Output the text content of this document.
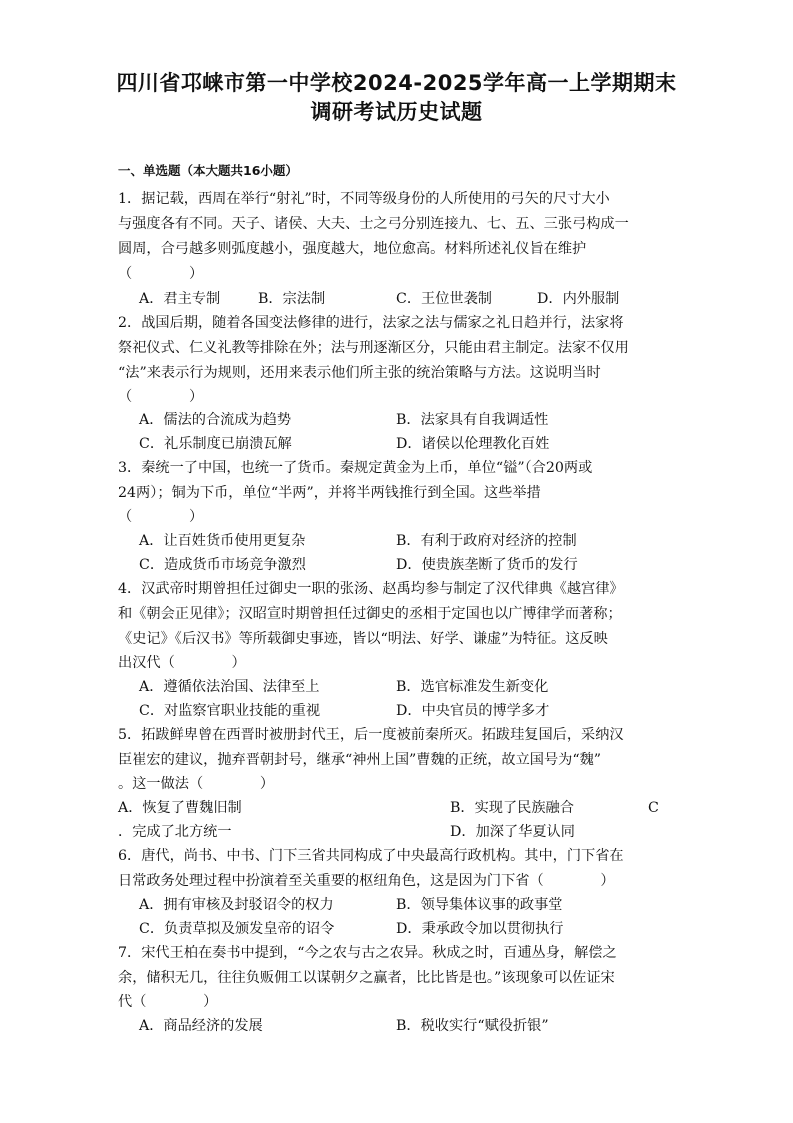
四川省邛崃市第一中学校2024-2025学年高一上学期期末
调研考试历史试题
一、单选题（本大题共16小题）
1．据记载，西周在举行“射礼”时，不同等级身份的人所使用的弓矢的尺寸大小
与强度各有不同。天子、诸侯、大夫、士之弓分别连接九、七、五、三张弓构成一
圆周，合弓越多则弧度越小，强度越大，地位愈高。材料所述礼仪旨在维护
（　　　　）
A．君主专制	B．宗法制	C．王位世袭制	D．内外服制
2．战国后期，随着各国变法修律的进行，法家之法与儒家之礼日趋并行，法家将
祭祀仪式、仁义礼教等排除在外；法与刑逐渐区分，只能由君主制定。法家不仅用
“法”来表示行为规则，还用来表示他们所主张的统治策略与方法。这说明当时
（　　　　）
A．儒法的合流成为趋势	B．法家具有自我调适性
C．礼乐制度已崩溃瓦解	D．诸侯以伦理教化百姓
3．秦统一了中国，也统一了货币。秦规定黄金为上币，单位“镒”（合20两或
24两）；铜为下币，单位“半两”，并将半两钱推行到全国。这些举措
（　　　　）
A．让百姓货币使用更复杂	B．有利于政府对经济的控制
C．造成货币市场竞争激烈	D．使贵族垄断了货币的发行
4．汉武帝时期曾担任过御史一职的张汤、赵禹均参与制定了汉代律典《越宫律》
和《朝会正见律》；汉昭宣时期曾担任过御史的丞相于定国也以广博律学而著称；
《史记》《后汉书》等所载御史事迹，皆以“明法、好学、谦虚”为特征。这反映
出汉代（　　　　）
A．遵循依法治国、法律至上	B．选官标准发生新变化
C．对监察官职业技能的重视	D．中央官员的博学多才
5．拓跋鲜卑曾在西晋时被册封代王，后一度被前秦所灭。拓跋珪复国后，采纳汉
臣崔宏的建议，抛弃晋朝封号，继承“神州上国”曹魏的正统，故立国号为“魏”
。这一做法（　　　　）
A．恢复了曹魏旧制	B．实现了民族融合	C
．完成了北方统一	D．加深了华夏认同
6．唐代，尚书、中书、门下三省共同构成了中央最高行政机构。其中，门下省在
日常政务处理过程中扮演着至关重要的枢纽角色，这是因为门下省（　　　　）
A．拥有审核及封驳诏令的权力	B．领导集体议事的政事堂
C．负责草拟及颁发皇帝的诏令	D．秉承政令加以贯彻执行
7．宋代王柏在奏书中提到，“今之农与古之农异。秋成之时，百逋丛身，解偿之
余，储积无几，往往负贩佣工以谋朝夕之赢者，比比皆是也。”该现象可以佐证宋
代（　　　　）
A．商品经济的发展	B．税收实行“赋役折银”
